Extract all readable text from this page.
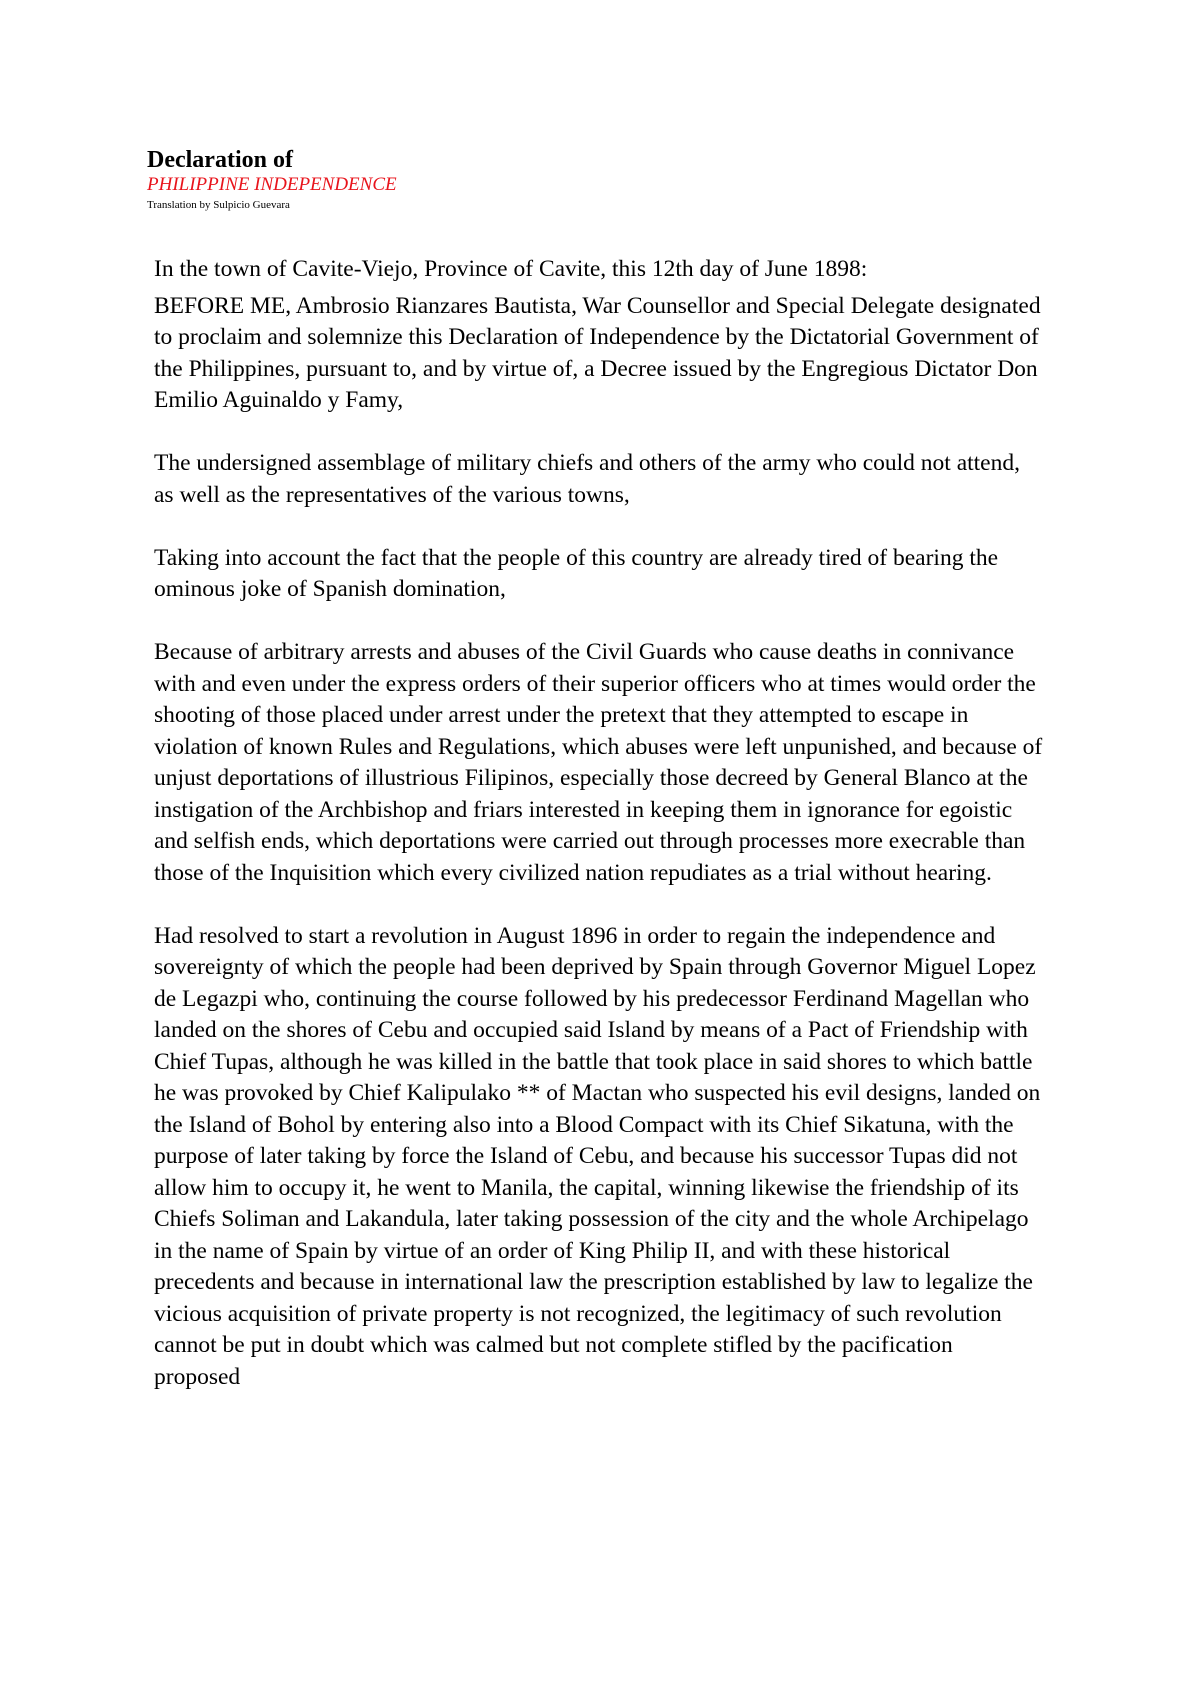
Declaration of

PHILIPPINE INDEPENDENCE

Translation by Sulpicio Guevara

In the town of Cavite-Viejo, Province of Cavite, this 12th day of June 1898:

BEFORE ME, Ambrosio Rianzares Bautista, War Counsellor and Special Delegate designated to proclaim and solemnize this Declaration of Independence by the Dictatorial Government of the Philippines, pursuant to, and by virtue of, a Decree issued by the Engregious Dictator Don Emilio Aguinaldo y Famy,

The undersigned assemblage of military chiefs and others of the army who could not attend, as well as the representatives of the various towns,

Taking into account the fact that the people of this country are already tired of bearing the ominous joke of Spanish domination,

Because of arbitrary arrests and abuses of the Civil Guards who cause deaths in connivance with and even under the express orders of their superior officers who at times would order the shooting of those placed under arrest under the pretext that they attempted to escape in violation of known Rules and Regulations, which abuses were left unpunished, and because of unjust deportations of illustrious Filipinos, especially those decreed by General Blanco at the instigation of the Archbishop and friars interested in keeping them in ignorance for egoistic and selfish ends, which deportations were carried out through processes more execrable than those of the Inquisition which every civilized nation repudiates as a trial without hearing.

Had resolved to start a revolution in August 1896 in order to regain the independence and sovereignty of which the people had been deprived by Spain through Governor Miguel Lopez de Legazpi who, continuing the course followed by his predecessor Ferdinand Magellan who landed on the shores of Cebu and occupied said Island by means of a Pact of Friendship with Chief Tupas, although he was killed in the battle that took place in said shores to which battle he was provoked by Chief Kalipulako ** of Mactan who suspected his evil designs, landed on the Island of Bohol by entering also into a Blood Compact with its Chief Sikatuna, with the purpose of later taking by force the Island of Cebu, and because his successor Tupas did not allow him to occupy it, he went to Manila, the capital, winning likewise the friendship of its Chiefs Soliman and Lakandula, later taking possession of the city and the whole Archipelago in the name of Spain by virtue of an order of King Philip II, and with these historical precedents and because in international law the prescription established by law to legalize the vicious acquisition of private property is not recognized, the legitimacy of such revolution cannot be put in doubt which was calmed but not complete stifled by the pacification proposed
